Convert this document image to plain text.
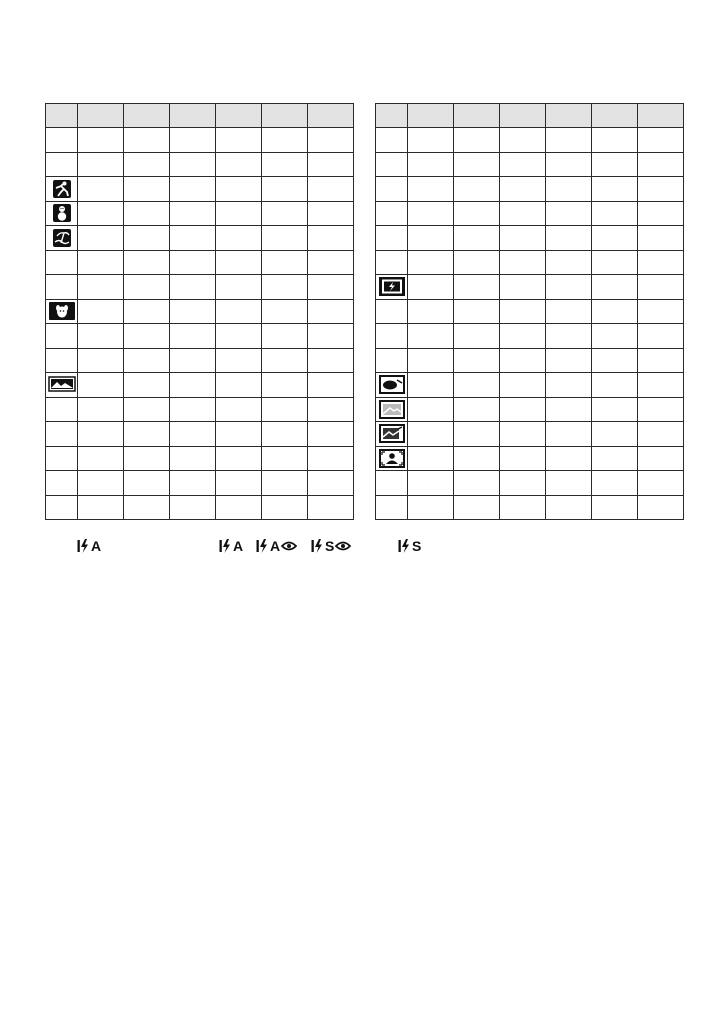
A	A A	S	S
